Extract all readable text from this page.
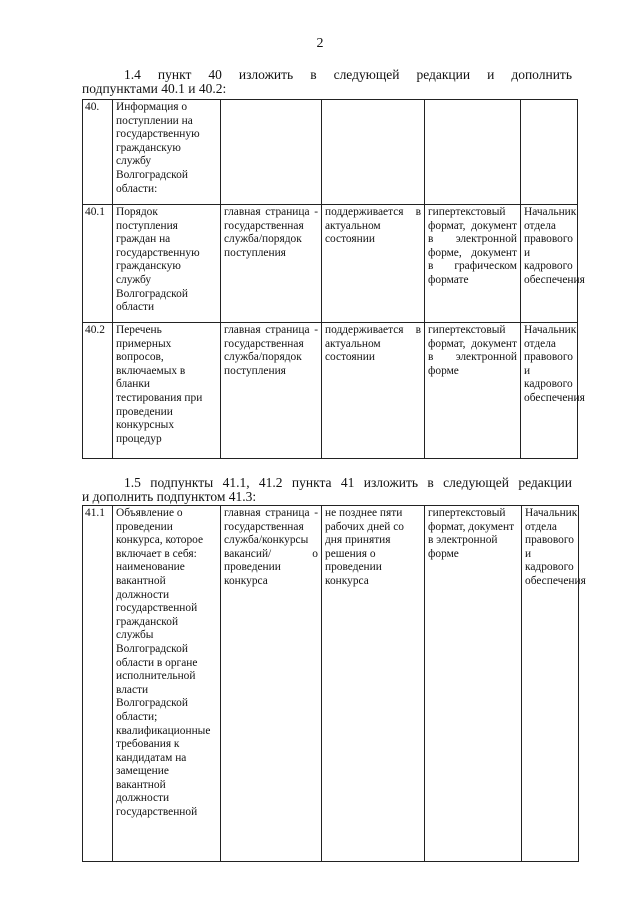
2
1.4 пункт 40 изложить в следующей редакции и дополнить
подпунктами 40.1 и 40.2:
40.	Информация о поступлении на государственную гражданскую службу Волгоградской области:				
40.1	Порядок поступления граждан на государственную гражданскую службу Волгоградской области	главная страница - государственная служба/порядок поступления	поддерживается в актуальном состоянии	гипертекстовый формат, документ в электронной форме, документ в графическом формате	Начальник отдела правового и кадрового обеспечения
40.2	Перечень примерных вопросов, включаемых в бланки тестирования при проведении конкурсных процедур	главная страница - государственная служба/порядок поступления	поддерживается в актуальном состоянии	гипертекстовый формат, документ в электронной форме	Начальник отдела правового и кадрового обеспечения
1.5 подпункты 41.1, 41.2 пункта 41 изложить в следующей редакции
и дополнить подпунктом 41.3:
41.1	Объявление о проведении конкурса, которое включает в себя: наименование вакантной должности государственной гражданской службы Волгоградской области в органе исполнительной власти Волгоградской области; квалификационные требования к кандидатам на замещение вакантной должности государственной	главная страница - государственная служба/конкурсы вакансий/ о проведении конкурса	не позднее пяти рабочих дней со дня принятия решения о проведении конкурса	гипертекстовый формат, документ в электронной форме	Начальник отдела правового и кадрового обеспечения
